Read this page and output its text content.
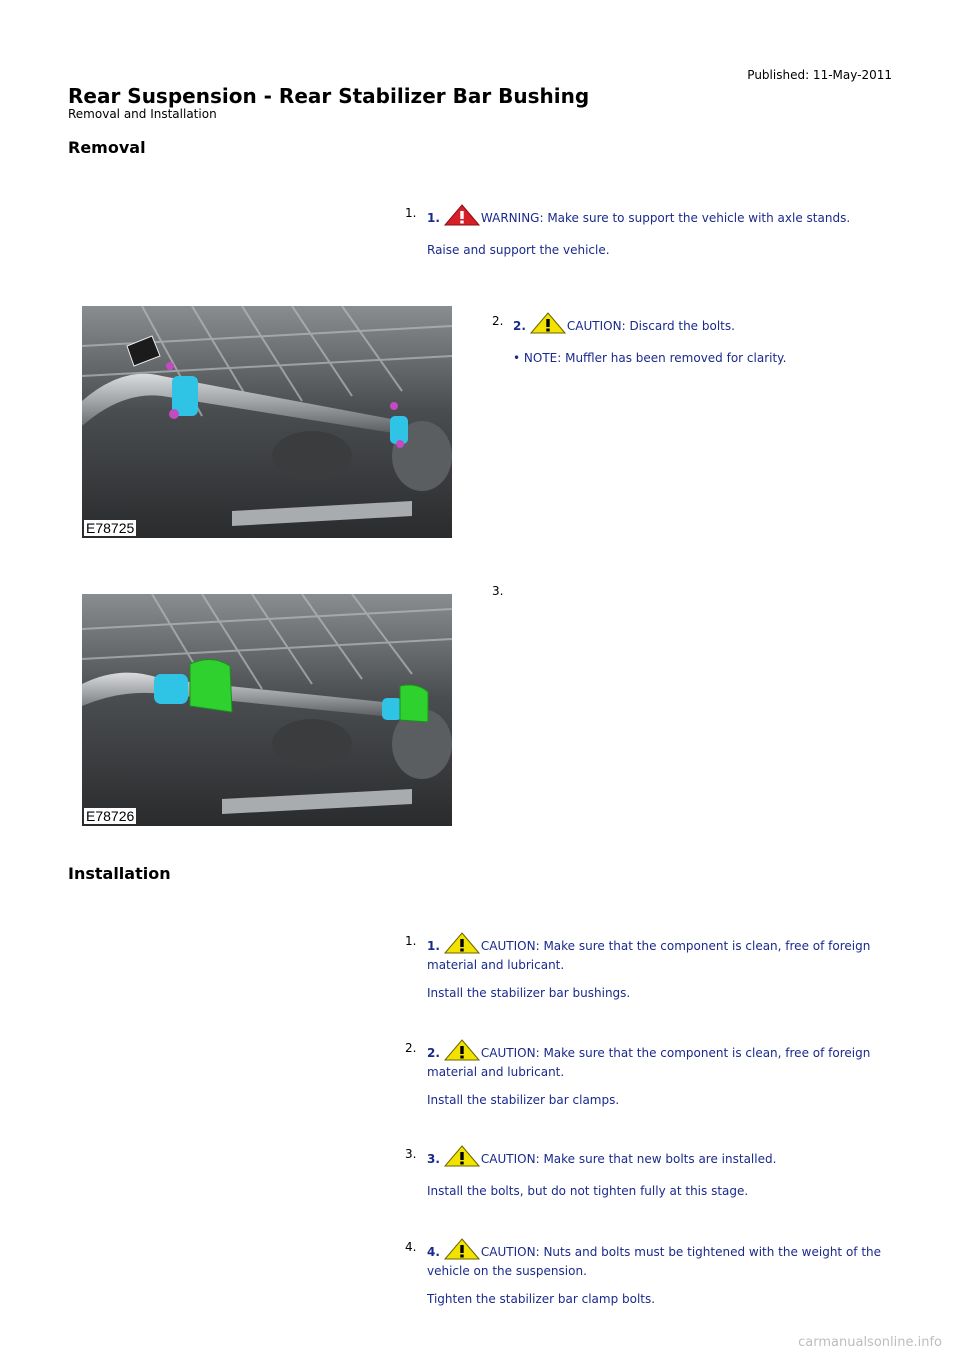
Published: 11-May-2011
Rear Suspension - Rear Stabilizer Bar Bushing
Removal and Installation
Removal
1. 1.	WARNING: Make sure to support the vehicle with axle stands.

Raise and support the vehicle.

E78725
2. 2.	CAUTION: Discard the bolts.

• NOTE: Muffler has been removed for clarity.

E78726
3.
Installation
1. 1.	CAUTION: Make sure that the component is clean, free of foreign material and lubricant.

Install the stabilizer bar bushings.

2. 2.	CAUTION: Make sure that the component is clean, free of foreign material and lubricant.

Install the stabilizer bar clamps.

3. 3.	CAUTION: Make sure that new bolts are installed.

Install the bolts, but do not tighten fully at this stage.

4. 4.	CAUTION: Nuts and bolts must be tightened with the weight of the vehicle on the suspension.

Tighten the stabilizer bar clamp bolts.

carmanualsonline.info
